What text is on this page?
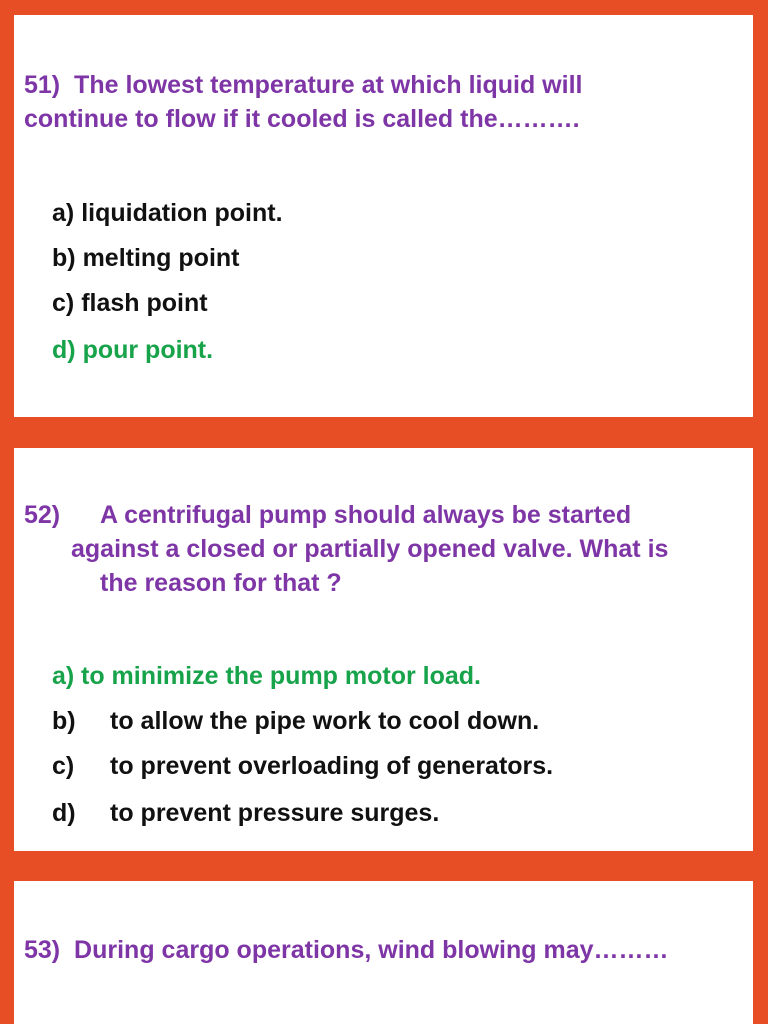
51) The lowest temperature at which liquid will
continue to flow if it cooled is called the……….

a) liquidation point.

b) melting point

c) flash point

d) pour point.

52) A centrifugal pump should always be started
against a closed or partially opened valve. What is
the reason for that ?

a) to minimize the pump motor load.

b) to allow the pipe work to cool down.

c) to prevent overloading of generators.

d) to prevent pressure surges.

53) During cargo operations, wind blowing may………
